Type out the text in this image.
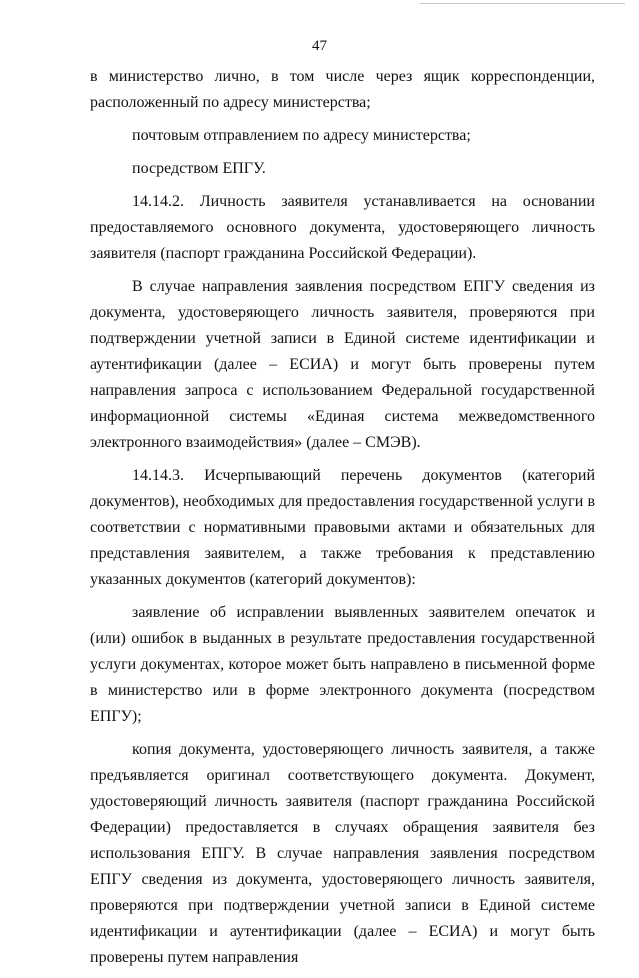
47

в министерство лично, в том числе через ящик корреспонденции, расположенный по адресу министерства;

почтовым отправлением по адресу министерства;

посредством ЕПГУ.

14.14.2. Личность заявителя устанавливается на основании предоставляемого основного документа, удостоверяющего личность заявителя (паспорт гражданина Российской Федерации).

В случае направления заявления посредством ЕПГУ сведения из документа, удостоверяющего личность заявителя, проверяются при подтверждении учетной записи в Единой системе идентификации и аутентификации (далее – ЕСИА) и могут быть проверены путем направления запроса с использованием Федеральной государственной информационной системы «Единая система межведомственного электронного взаимодействия» (далее – СМЭВ).

14.14.3. Исчерпывающий перечень документов (категорий документов), необходимых для предоставления государственной услуги в соответствии с нормативными правовыми актами и обязательных для представления заявителем, а также требования к представлению указанных документов (категорий документов):

заявление об исправлении выявленных заявителем опечаток и (или) ошибок в выданных в результате предоставления государственной услуги документах, которое может быть направлено в письменной форме в министерство или в форме электронного документа (посредством ЕПГУ);

копия документа, удостоверяющего личность заявителя, а также предъявляется оригинал соответствующего документа. Документ, удостоверяющий личность заявителя (паспорт гражданина Российской Федерации) предоставляется в случаях обращения заявителя без использования ЕПГУ. В случае направления заявления посредством ЕПГУ сведения из документа, удостоверяющего личность заявителя, проверяются при подтверждении учетной записи в Единой системе идентификации и аутентификации (далее – ЕСИА) и могут быть проверены путем направления
